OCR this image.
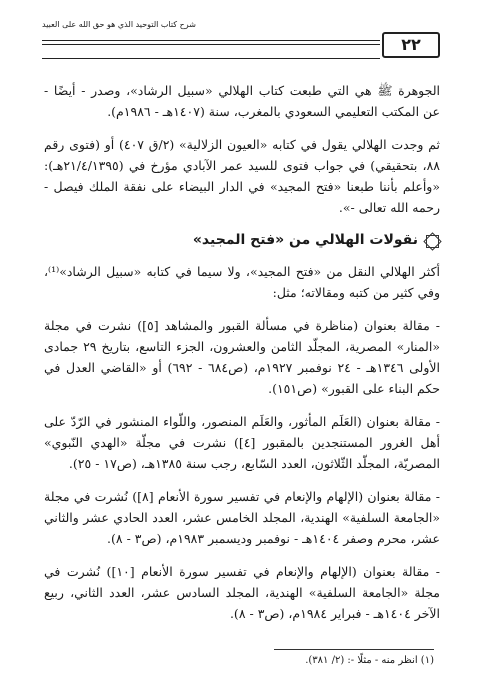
٢٢
شرح كتاب التوحيد الذي هو حق الله على العبيد

الجوهرة ﷺ هي التي طبعت كتاب الهلالي «سبيل الرشاد»، وصدر - أيضًا - عن المكتب التعليمي السعودي بالمغرب، سنة (١٤٠٧هـ - ١٩٨٦م).

ثم وجدت الهلالي يقول في كتابه «العيون الزلالية» (٢/ق ٤٠٧) أو (فتوى رقم ٨٨، بتحقيقي) في جواب فتوى للسيد عمر الآبادي مؤرخ في (٢١/٤/١٣٩٥هـ): «وأعلم بأننا طبعنا «فتح المجيد» في الدار البيضاء على نفقة الملك فيصل - رحمه الله تعالى -».

نقولات الهلالي من «فتح المجيد»

أكثر الهلالي النقل من «فتح المجيد»، ولا سيما في كتابه «سبيل الرشاد»⁽¹⁾، وفي كثير من كتبه ومقالاته؛ مثل:

- مقالة بعنوان (مناظرة في مسألة القبور والمشاهد [٥]) نشرت في مجلة «المنار» المصرية، المجلّد الثامن والعشرون، الجزء التاسع، بتاريخ ٢٩ جمادى الأولى ١٣٤٦هـ - ٢٤ نوفمبر ١٩٢٧م، (ص٦٨٤ - ٦٩٢) أو «القاضي العدل في حكم البناء على القبور» (ص١٥١).

- مقالة بعنوان (العَلَم المأثور، والعَلَم المنصور، واللّواء المنشور في الرّدّ على أهل الغرور المستنجدين بالمقبور [٤]) نشرت في مجلّة «الهدي النّبوي» المصريّة، المجلّد الثّلاثون، العدد السّابع، رجب سنة ١٣٨٥هـ، (ص١٧ - ٢٥).

- مقالة بعنوان (الإلهام والإنعام في تفسير سورة الأنعام [٨]) نُشرت في مجلة «الجامعة السلفية» الهندية، المجلد الخامس عشر، العدد الحادي عشر والثاني عشر، محرم وصفر ١٤٠٤هـ - نوفمبر وديسمبر ١٩٨٣م، (ص٣ - ٨).

- مقالة بعنوان (الإلهام والإنعام في تفسير سورة الأنعام [١٠]) نُشرت في مجلة «الجامعة السلفية» الهندية، المجلد السادس عشر، العدد الثاني، ربيع الآخر ١٤٠٤هـ - فبراير ١٩٨٤م، (ص٣ - ٨).

(١) انظر منه - مثلًا -: (٢/ ٣٨١).
